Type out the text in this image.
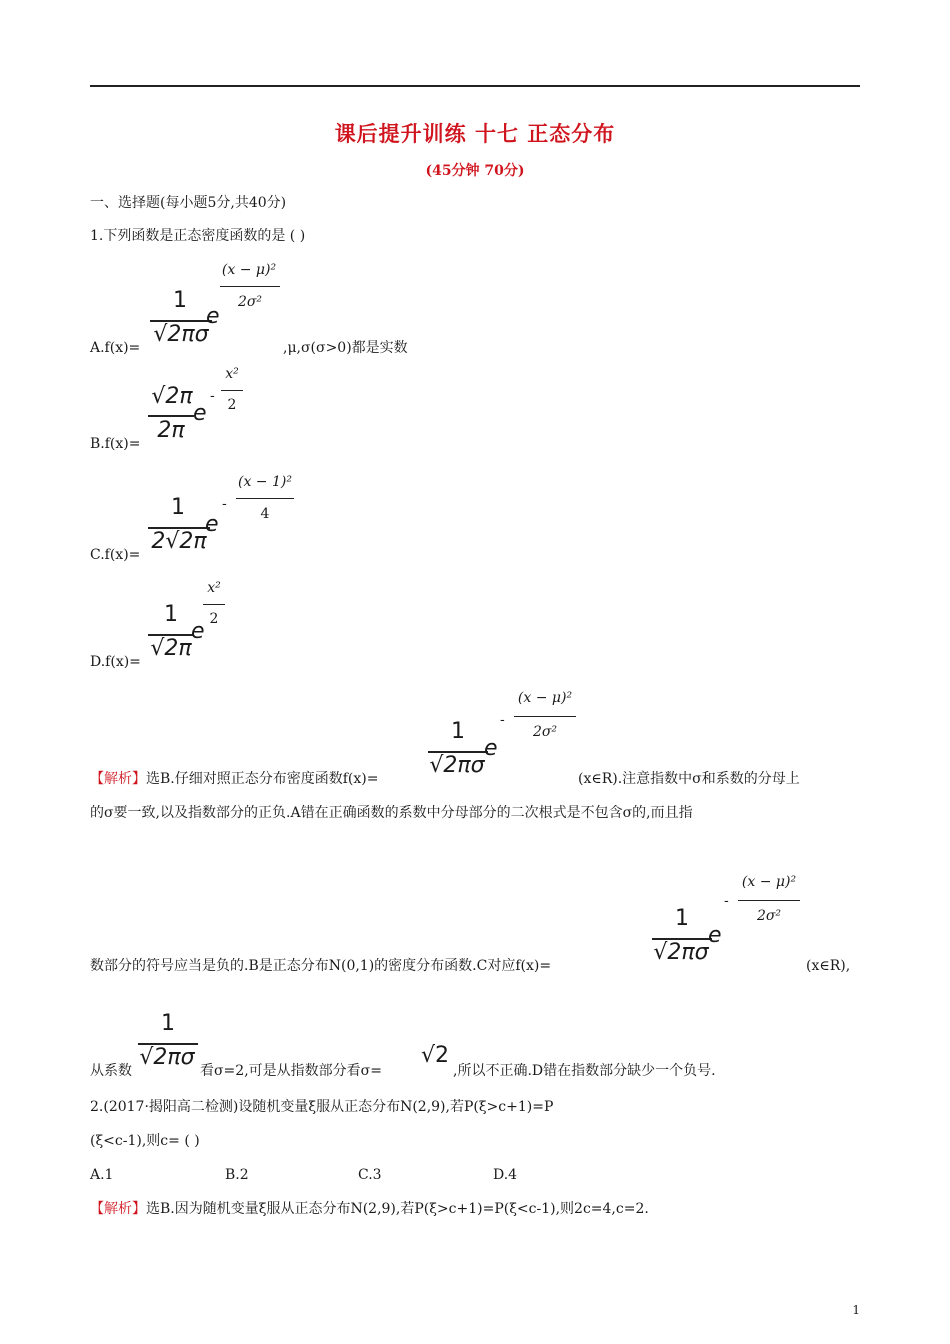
课后提升训练 十七 正态分布
(45分钟 70分)
一、选择题(每小题5分,共40分)
1.下列函数是正态密度函数的是 ( )
A.f(x)=
1
√2πσ
e
(x − μ)²
2σ²
,μ,σ(σ>0)都是实数
B.f(x)=
√2π
2π
e
-
x²
2
C.f(x)=
1
2√2π
e
-
(x − 1)²
4
D.f(x)=
1
√2π
e
x²
2
【解析】选B.仔细对照正态分布密度函数f(x)=
1
√2πσ
e
-
(x − μ)²
2σ²
(x∈R).注意指数中σ和系数的分母上
的σ要一致,以及指数部分的正负.A错在正确函数的系数中分母部分的二次根式是不包含σ的,而且指
数部分的符号应当是负的.B是正态分布N(0,1)的密度分布函数.C对应f(x)=
1
√2πσ
e
-
(x − μ)²
2σ²
(x∈R),
从系数
1
√2πσ
看σ=2,可是从指数部分看σ=
√2
,所以不正确.D错在指数部分缺少一个负号.
2.(2017·揭阳高二检测)设随机变量ξ服从正态分布N(2,9),若P(ξ>c+1)=P
(ξ<c-1),则c= ( )
A.1	B.2	C.3	D.4
【解析】选B.因为随机变量ξ服从正态分布N(2,9),若P(ξ>c+1)=P(ξ<c-1),则2c=4,c=2.
1
